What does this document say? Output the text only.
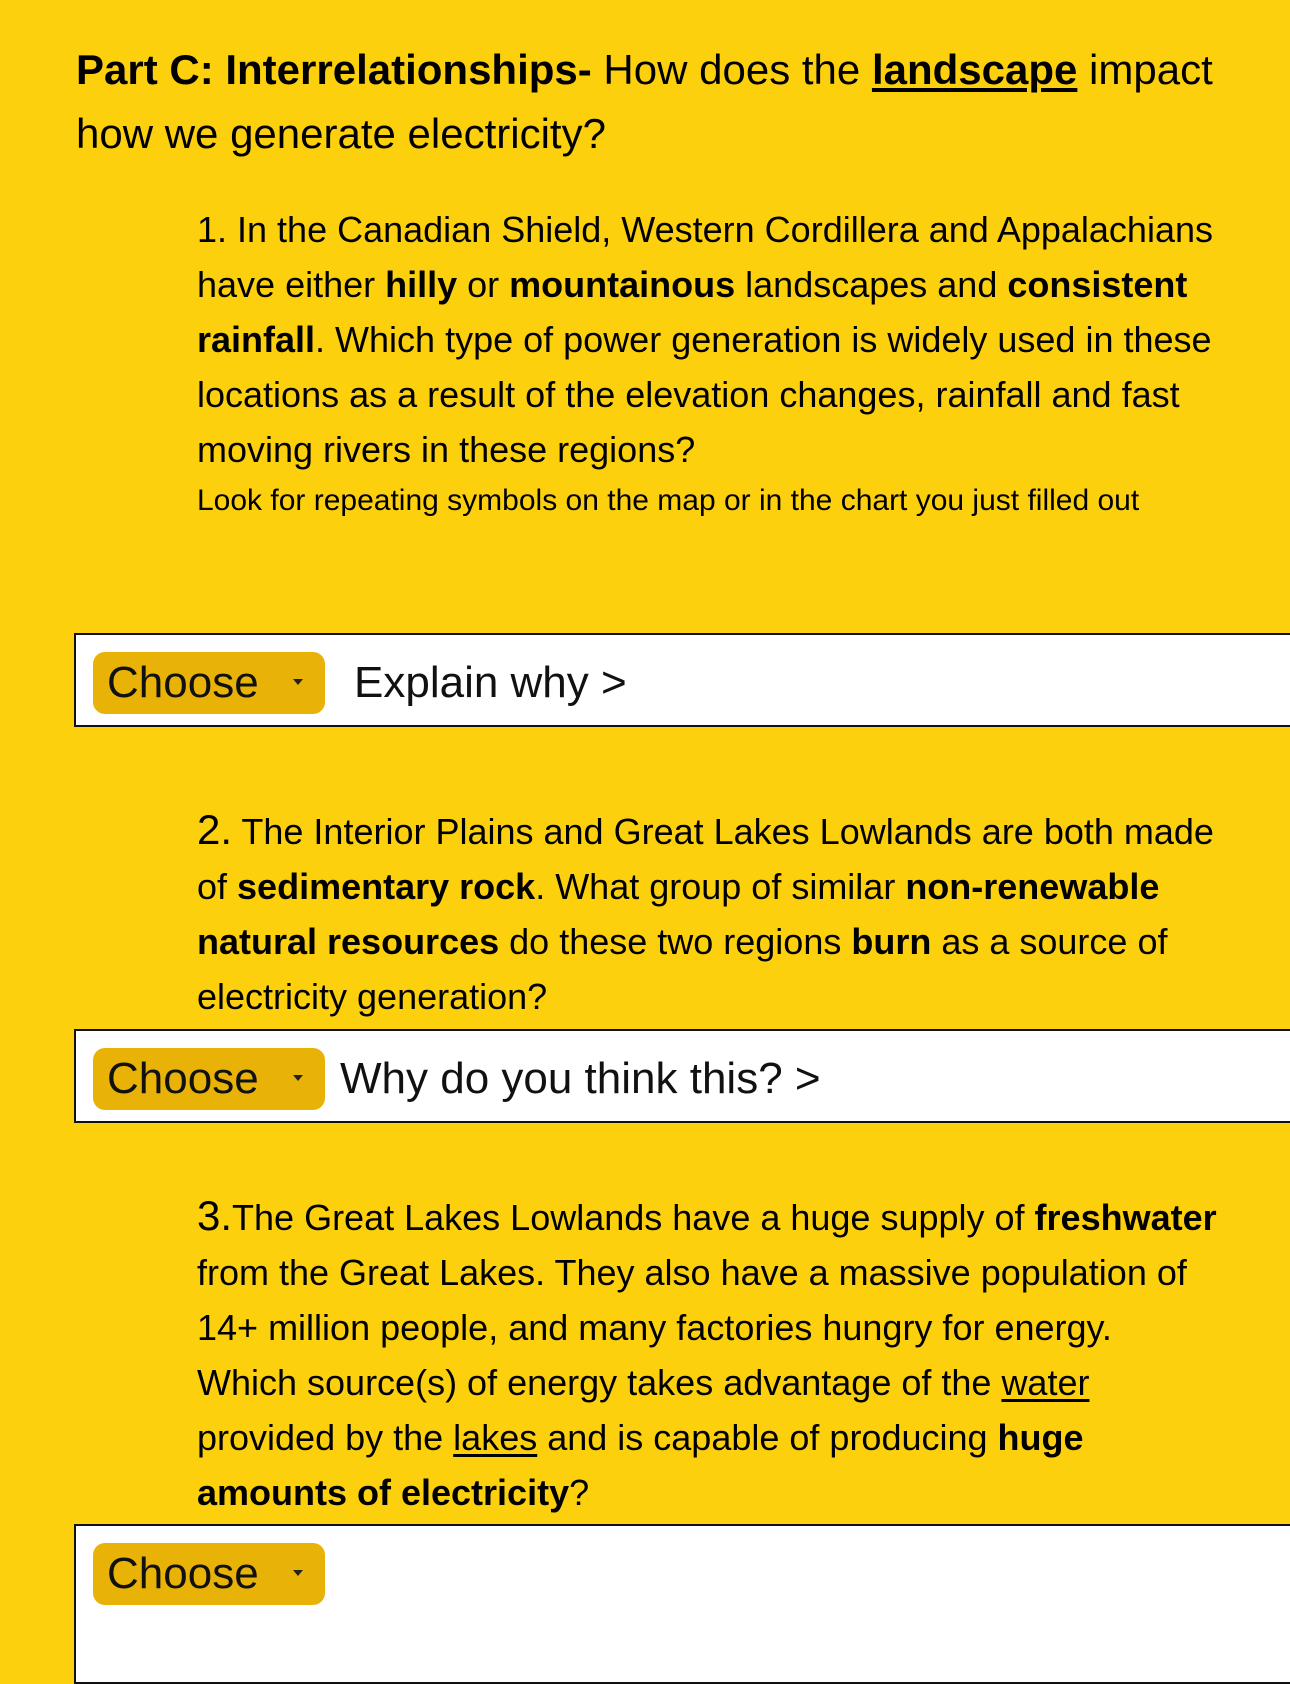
Part C: Interrelationships- How does the landscape impact how we generate electricity?
1. In the Canadian Shield, Western Cordillera and Appalachians have either hilly or mountainous landscapes and consistent rainfall. Which type of power generation is widely used in these locations as a result of the elevation changes, rainfall and fast moving rivers in these regions?
Look for repeating symbols on the map or in the chart you just filled out
Choose Explain why >
2. The Interior Plains and Great Lakes Lowlands are both made of sedimentary rock. What group of similar non-renewable natural resources do these two regions burn as a source of electricity generation?
Choose Why do you think this? >
3.The Great Lakes Lowlands have a huge supply of freshwater from the Great Lakes. They also have a massive population of 14+ million people, and many factories hungry for energy. Which source(s) of energy takes advantage of the water provided by the lakes and is capable of producing huge amounts of electricity?
Choose
